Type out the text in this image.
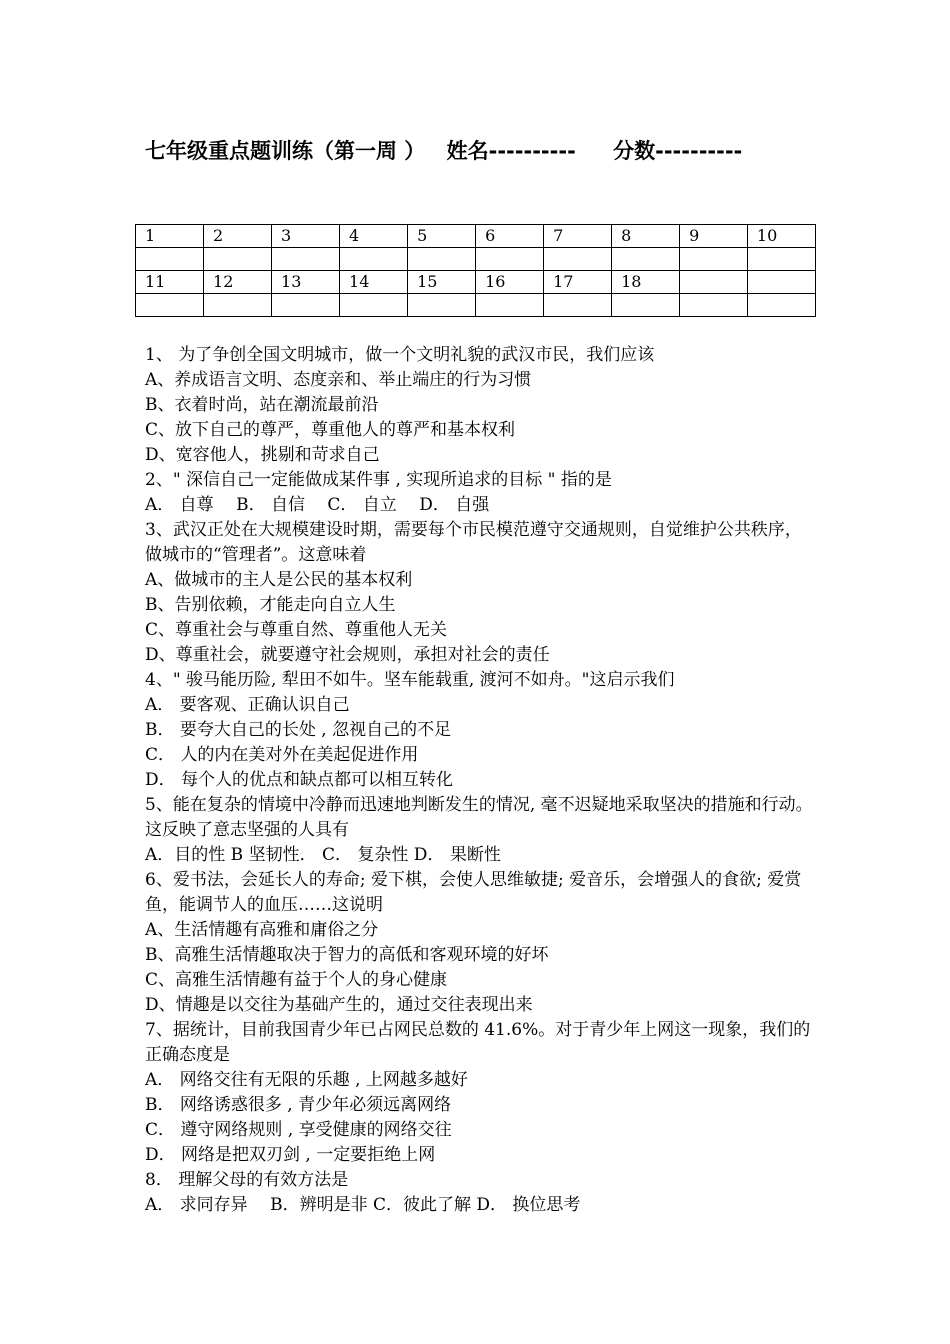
七年级重点题训练（第一周 ） 姓名---------- 分数----------
1	2	3	4	5	6	7	8	9	10

11	12	13	14	15	16	17	18		

1、 为了争创全国文明城市，做一个文明礼貌的武汉市民，我们应该
A、养成语言文明、态度亲和、举止端庄的行为习惯
B、衣着时尚，站在潮流最前沿
C、放下自己的尊严，尊重他人的尊严和基本权利
D、宽容他人，挑剔和苛求自己
2、" 深信自己一定能做成某件事 , 实现所追求的目标 " 指的是
A． 自尊　 B． 自信　 C． 自立　 D． 自强
3、武汉正处在大规模建设时期，需要每个市民模范遵守交通规则，自觉维护公共秩序，做城市的“管理者”。这意味着
A、做城市的主人是公民的基本权利
B、告别依赖，才能走向自立人生
C、尊重社会与尊重自然、尊重他人无关
D、尊重社会，就要遵守社会规则，承担对社会的责任
4、" 骏马能历险, 犁田不如牛。坚车能载重, 渡河不如舟。"这启示我们
A． 要客观、正确认识自己
B． 要夸大自己的长处 , 忽视自己的不足
C． 人的内在美对外在美起促进作用
D． 每个人的优点和缺点都可以相互转化
5、能在复杂的情境中冷静而迅速地判断发生的情况, 毫不迟疑地采取坚决的措施和行动。 这反映了意志坚强的人具有
A．目的性 B 坚韧性． C． 复杂性 D． 果断性
6、爱书法，会延长人的寿命; 爱下棋，会使人思维敏捷; 爱音乐，会增强人的食欲; 爱赏鱼，能调节人的血压……这说明
A、生活情趣有高雅和庸俗之分
B、高雅生活情趣取决于智力的高低和客观环境的好坏
C、高雅生活情趣有益于个人的身心健康
D、情趣是以交往为基础产生的，通过交往表现出来
7、据统计，目前我国青少年已占网民总数的 41.6%。对于青少年上网这一现象，我们的正确态度是
A． 网络交往有无限的乐趣 , 上网越多越好
B． 网络诱惑很多 , 青少年必须远离网络
C． 遵守网络规则 , 享受健康的网络交往
D． 网络是把双刃剑 , 一定要拒绝上网
8． 理解父母的有效方法是
A． 求同存异　 B．辨明是非 C．彼此了解 D． 换位思考
